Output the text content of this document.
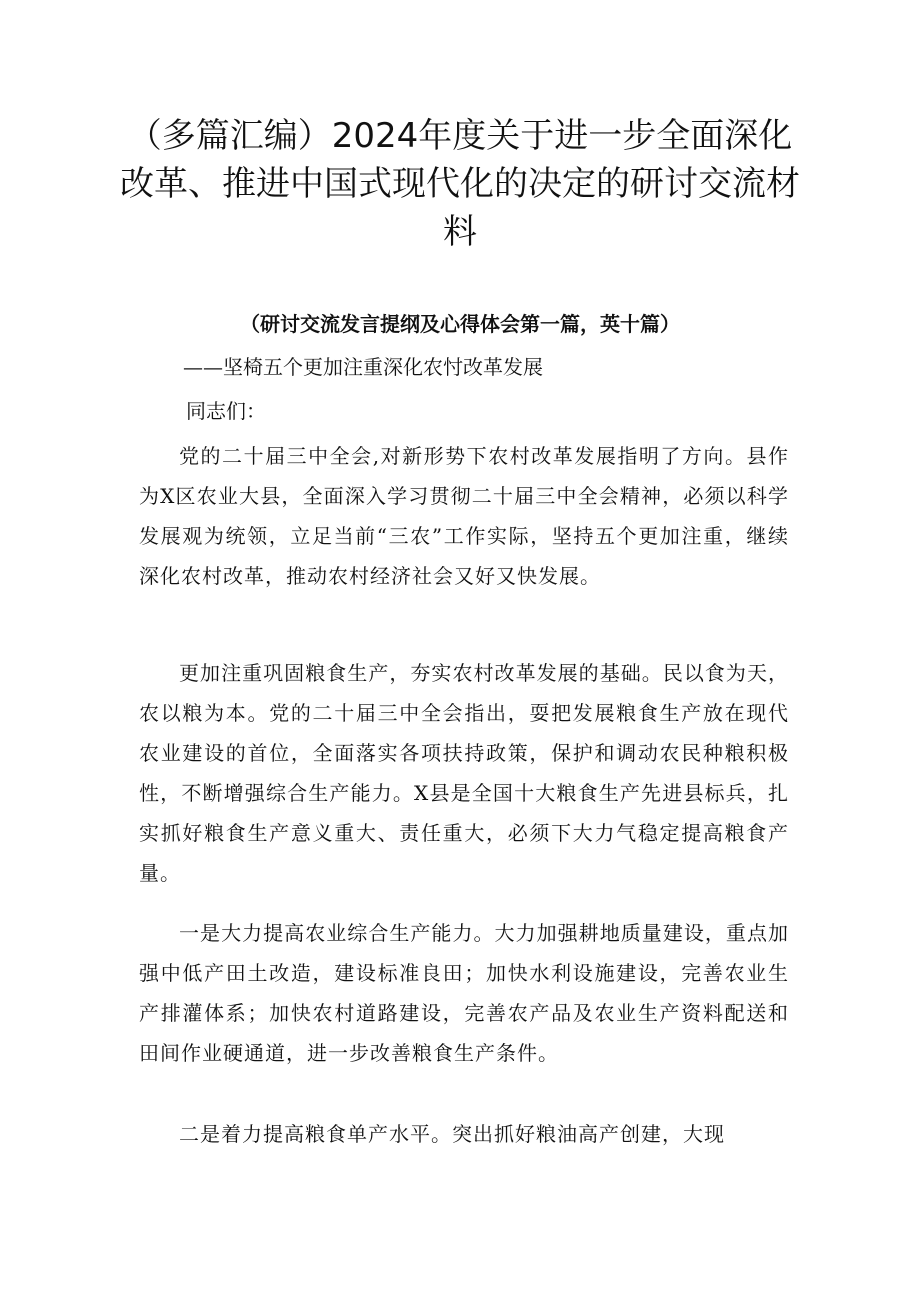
（多篇汇编）2024年度关于进一步全面深化改革、推进中国式现代化的决定的研讨交流材料
（研讨交流发言提纲及心得体会第一篇，英十篇）
——坚椅五个更加注重深化农忖改革发展
同志们：
党的二十届三中全会,对新形势下农村改革发展指明了方向。县作为X区农业大县，全面深入学习贯彻二十届三中全会精神，必须以科学发展观为统领，立足当前“三农”工作实际，坚持五个更加注重，继续深化农村改革，推动农村经济社会又好又快发展。
更加注重巩固粮食生产，夯实农村改革发展的基础。民以食为天，农以粮为本。党的二十届三中全会指出，耍把发展粮食生产放在现代农业建设的首位，全面落实各项扶持政策，保护和调动农民种粮积极性，不断增强综合生产能力。X县是全国十大粮食生产先进县标兵，扎实抓好粮食生产意义重大、责任重大，必须下大力气稳定提高粮食产量。
一是大力提高农业综合生产能力。大力加强耕地质量建设，重点加强中低产田土改造，建设标准良田；加快水利设施建设，完善农业生产排灌体系；加快农村道路建设，完善农产品及农业生产资料配送和田间作业硬通道，进一步改善粮食生产条件。
二是着力提高粮食单产水平。突出抓好粮油高产创建，大现
